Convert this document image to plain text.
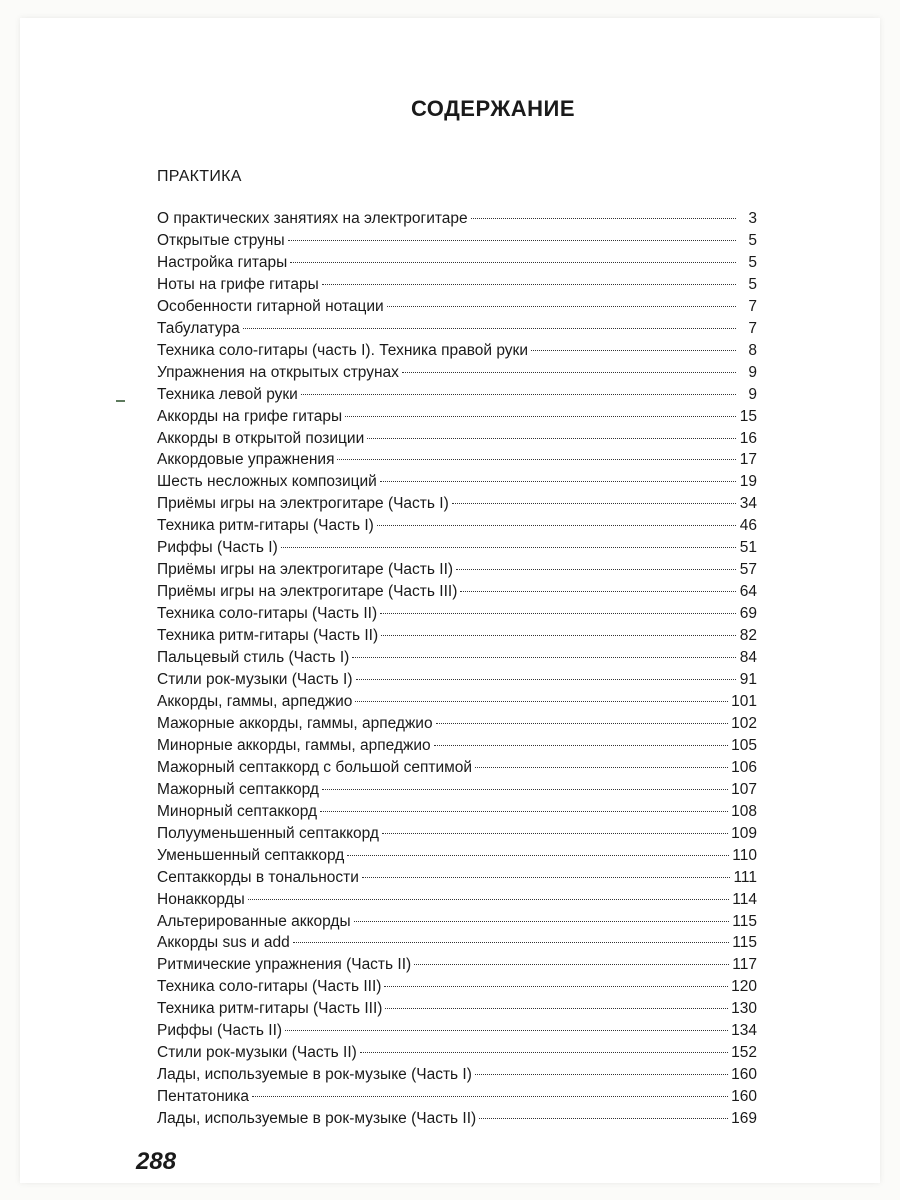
СОДЕРЖАНИЕ
ПРАКТИКА
О практических занятиях на электрогитаре	3
Открытые струны	5
Настройка гитары	5
Ноты на грифе гитары	5
Особенности гитарной нотации	7
Табулатура	7
Техника соло-гитары (часть I). Техника правой руки	8
Упражнения на открытых струнах	9
Техника левой руки	9
Аккорды на грифе гитары	15
Аккорды в открытой позиции	16
Аккордовые упражнения	17
Шесть несложных композиций	19
Приёмы игры на электрогитаре (Часть I)	34
Техника ритм-гитары (Часть I)	46
Риффы (Часть I)	51
Приёмы игры на электрогитаре (Часть II)	57
Приёмы игры на электрогитаре (Часть III)	64
Техника соло-гитары (Часть II)	69
Техника ритм-гитары (Часть II)	82
Пальцевый стиль (Часть I)	84
Стили рок-музыки (Часть I)	91
Аккорды, гаммы, арпеджио	101
Мажорные аккорды, гаммы, арпеджио	102
Минорные аккорды, гаммы, арпеджио	105
Мажорный септаккорд с большой септимой	106
Мажорный септаккорд	107
Минорный септаккорд	108
Полууменьшенный септаккорд	109
Уменьшенный септаккорд	110
Септаккорды в тональности	111
Нонаккорды	114
Альтерированные аккорды	115
Аккорды sus и add	115
Ритмические упражнения (Часть II)	117
Техника соло-гитары (Часть III)	120
Техника ритм-гитары (Часть III)	130
Риффы (Часть II)	134
Стили рок-музыки (Часть II)	152
Лады, используемые в рок-музыке (Часть I)	160
Пентатоника	160
Лады, используемые в рок-музыке (Часть II)	169
288
